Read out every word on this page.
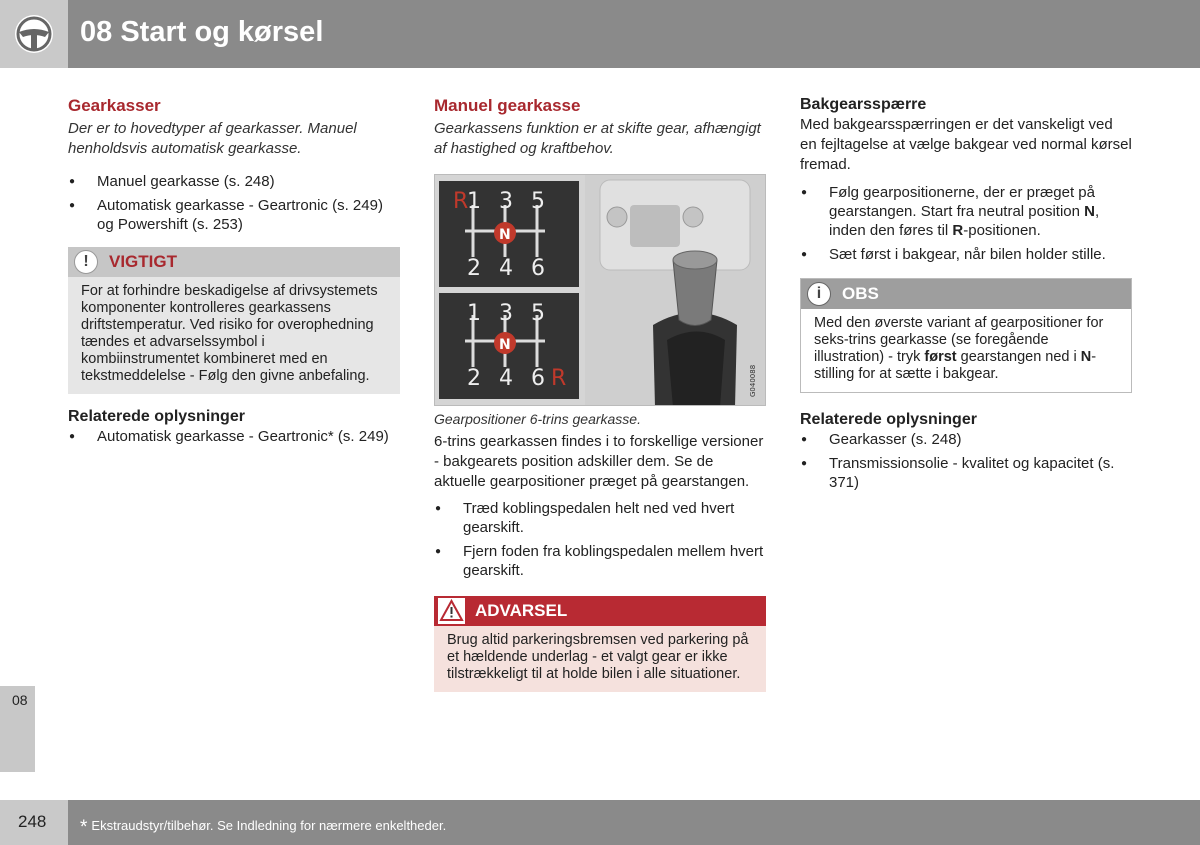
08 Start og kørsel
08
Gearkasser
Der er to hovedtyper af gearkasser. Manuel henholdsvis automatisk gearkasse.
● Manuel gearkasse (s. 248)
● Automatisk gearkasse - Geartronic (s. 249) og Powershift (s. 253)
!	VIGTIGT
For at forhindre beskadigelse af drivsystemets komponenter kontrolleres gearkassens driftstemperatur. Ved risiko for overophedning tændes et advarselssymbol i kombiinstrumentet kombineret med en tekstmeddelelse - Følg den givne anbefaling.
Relaterede oplysninger
● Automatisk gearkasse - Geartronic* (s. 249)
Manuel gearkasse
Gearkassens funktion er at skifte gear, afhængigt af hastighed og kraftbehov.
R
1 3 5
2 4 6
N
1 3 5
2 4 6 R
N
G040088
Gearpositioner 6-trins gearkasse.

6-trins gearkassen findes i to forskellige versioner - bakgearets position adskiller dem. Se de aktuelle gearpositioner præget på gearstangen.

● Træd koblingspedalen helt ned ved hvert gearskift.
● Fjern foden fra koblingspedalen mellem hvert gearskift.
ADVARSEL
Brug altid parkeringsbremsen ved parkering på et hældende underlag - et valgt gear er ikke tilstrækkeligt til at holde bilen i alle situationer.
Bakgearsspærre

Med bakgearsspærringen er det vanskeligt ved en fejltagelse at vælge bakgear ved normal kørsel fremad.

● Følg gearpositionerne, der er præget på gearstangen. Start fra neutral position N, inden den føres til R-positionen.
● Sæt først i bakgear, når bilen holder stille.
i	OBS
Med den øverste variant af gearpositioner for seks-trins gearkasse (se foregående illustration) - tryk først gearstangen ned i N-stilling for at sætte i bakgear.
Relaterede oplysninger
● Gearkasser (s. 248)
● Transmissionsolie - kvalitet og kapacitet (s. 371)
248 * Ekstraudstyr/tilbehør. Se Indledning for nærmere enkeltheder.
